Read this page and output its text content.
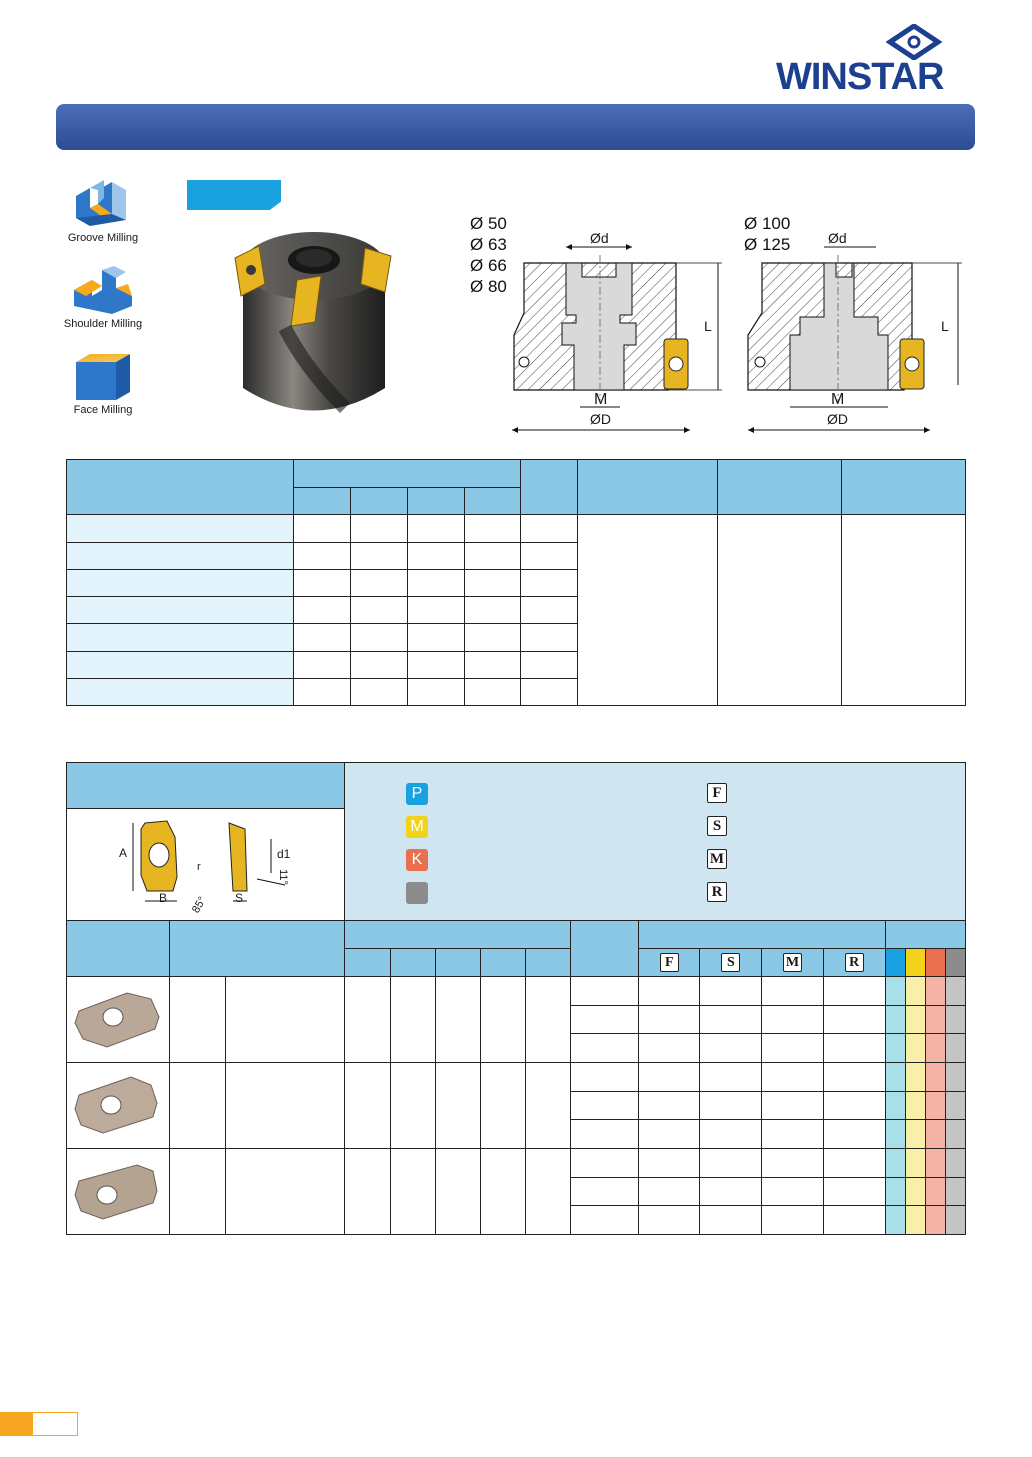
WINSTAR
Groove Milling
Shoulder Milling
Face Milling
Ø 50
Ø 63
Ø 66
Ø 80
Ø 100
Ø 125
Ød
L
M
ØD
Ød
L
M
ØD

A
r
B 85° S
d1
11°
P
M
K
F
S
M
R

									F	S	M	R				
